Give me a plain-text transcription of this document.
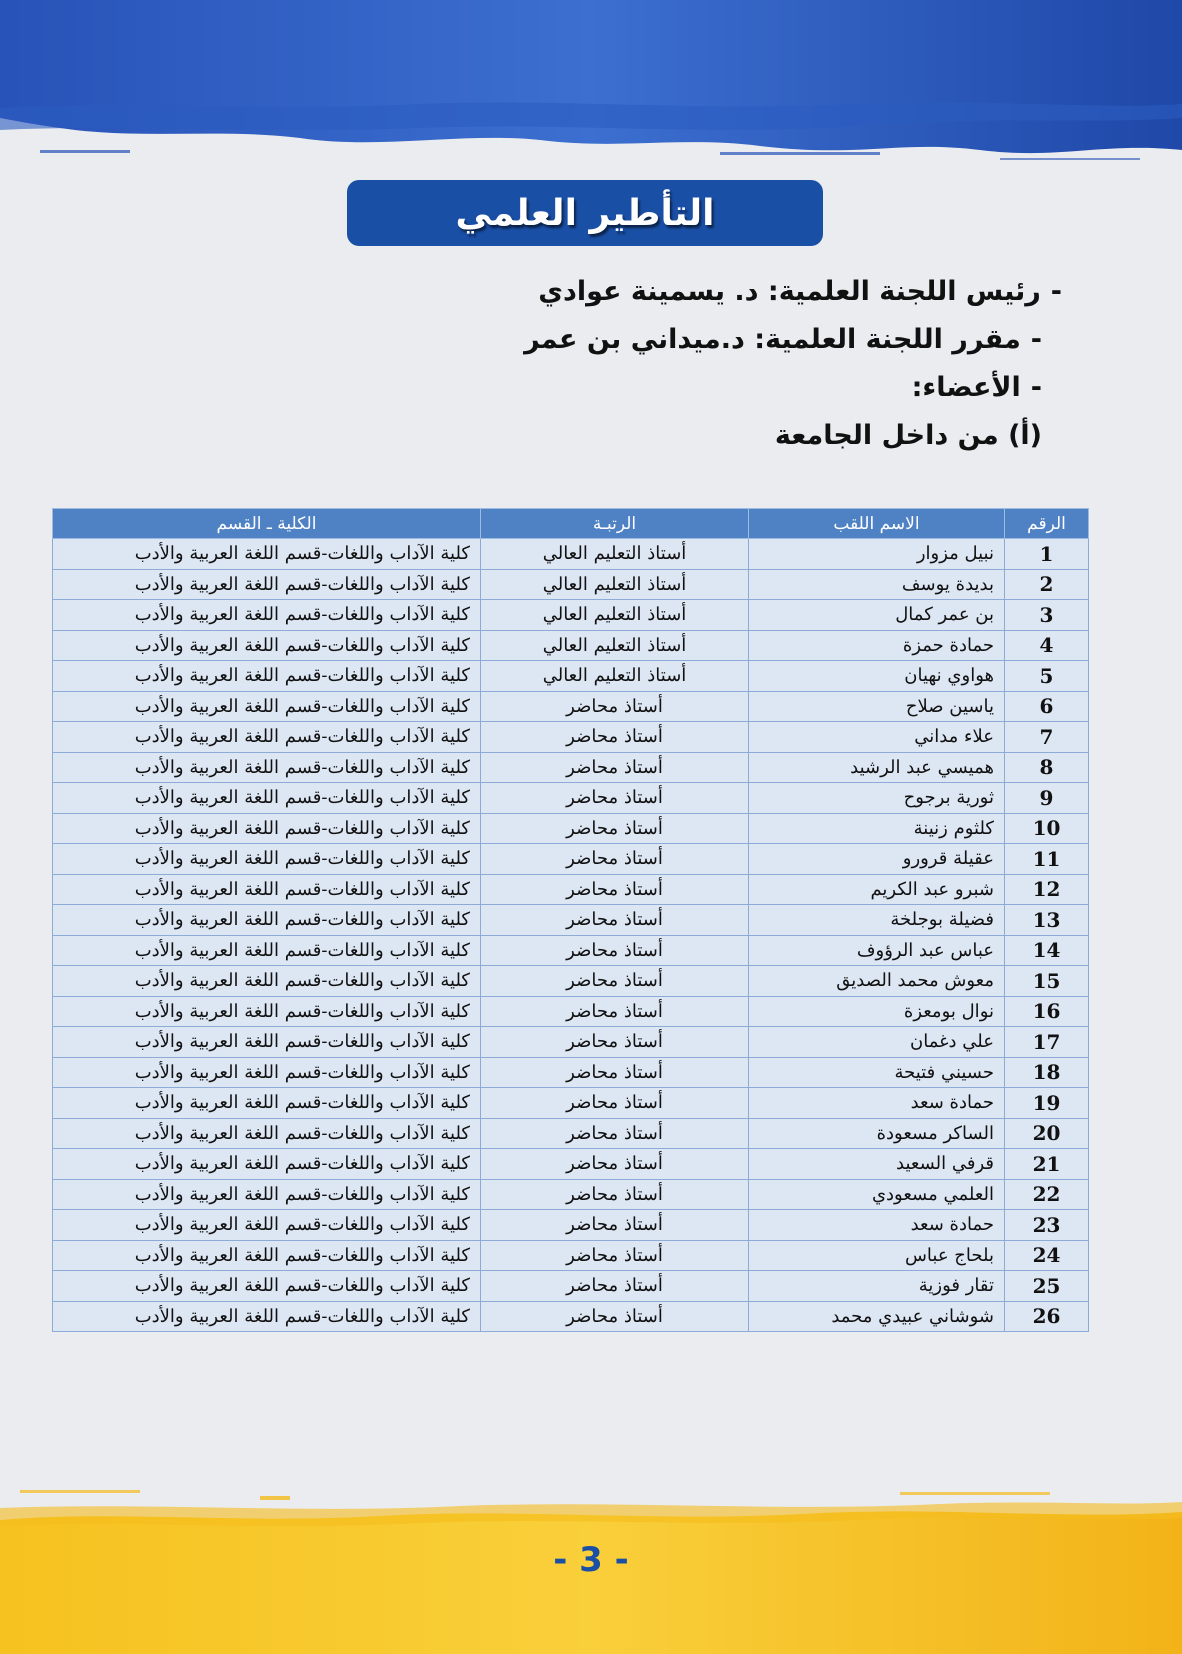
التأطير العلمي
-رئيس اللجنة العلمية: د. يسمينة عوادي
-مقرر اللجنة العلمية: د.ميداني بن عمر
-الأعضاء:
(أ) من داخل الجامعة
الرقم	الاسم اللقب	الرتبـة	الكلية ـ القسم
1	نبيل مزوار	أستاذ التعليم العالي	كلية الآداب واللغات-قسم اللغة العربية والأدب
2	بديدة يوسف	أستاذ التعليم العالي	كلية الآداب واللغات-قسم اللغة العربية والأدب
3	بن عمر كمال	أستاذ التعليم العالي	كلية الآداب واللغات-قسم اللغة العربية والأدب
4	حمادة حمزة	أستاذ التعليم العالي	كلية الآداب واللغات-قسم اللغة العربية والأدب
5	هواوي نهيان	أستاذ التعليم العالي	كلية الآداب واللغات-قسم اللغة العربية والأدب
6	ياسين صلاح	أستاذ محاضر	كلية الآداب واللغات-قسم اللغة العربية والأدب
7	علاء مداني	أستاذ محاضر	كلية الآداب واللغات-قسم اللغة العربية والأدب
8	هميسي عبد الرشيد	أستاذ محاضر	كلية الآداب واللغات-قسم اللغة العربية والأدب
9	ثورية برجوح	أستاذ محاضر	كلية الآداب واللغات-قسم اللغة العربية والأدب
10	كلثوم زنينة	أستاذ محاضر	كلية الآداب واللغات-قسم اللغة العربية والأدب
11	عقيلة قرورو	أستاذ محاضر	كلية الآداب واللغات-قسم اللغة العربية والأدب
12	شبرو عبد الكريم	أستاذ محاضر	كلية الآداب واللغات-قسم اللغة العربية والأدب
13	فضيلة بوجلخة	أستاذ محاضر	كلية الآداب واللغات-قسم اللغة العربية والأدب
14	عباس عبد الرؤوف	أستاذ محاضر	كلية الآداب واللغات-قسم اللغة العربية والأدب
15	معوش محمد الصديق	أستاذ محاضر	كلية الآداب واللغات-قسم اللغة العربية والأدب
16	نوال بومعزة	أستاذ محاضر	كلية الآداب واللغات-قسم اللغة العربية والأدب
17	علي دغمان	أستاذ محاضر	كلية الآداب واللغات-قسم اللغة العربية والأدب
18	حسيني فتيحة	أستاذ محاضر	كلية الآداب واللغات-قسم اللغة العربية والأدب
19	حمادة سعد	أستاذ محاضر	كلية الآداب واللغات-قسم اللغة العربية والأدب
20	الساكر مسعودة	أستاذ محاضر	كلية الآداب واللغات-قسم اللغة العربية والأدب
21	قرفي السعيد	أستاذ محاضر	كلية الآداب واللغات-قسم اللغة العربية والأدب
22	العلمي مسعودي	أستاذ محاضر	كلية الآداب واللغات-قسم اللغة العربية والأدب
23	حمادة سعد	أستاذ محاضر	كلية الآداب واللغات-قسم اللغة العربية والأدب
24	بلحاج عباس	أستاذ محاضر	كلية الآداب واللغات-قسم اللغة العربية والأدب
25	تقار فوزية	أستاذ محاضر	كلية الآداب واللغات-قسم اللغة العربية والأدب
26	شوشاني عبيدي محمد	أستاذ محاضر	كلية الآداب واللغات-قسم اللغة العربية والأدب
- 3 -
